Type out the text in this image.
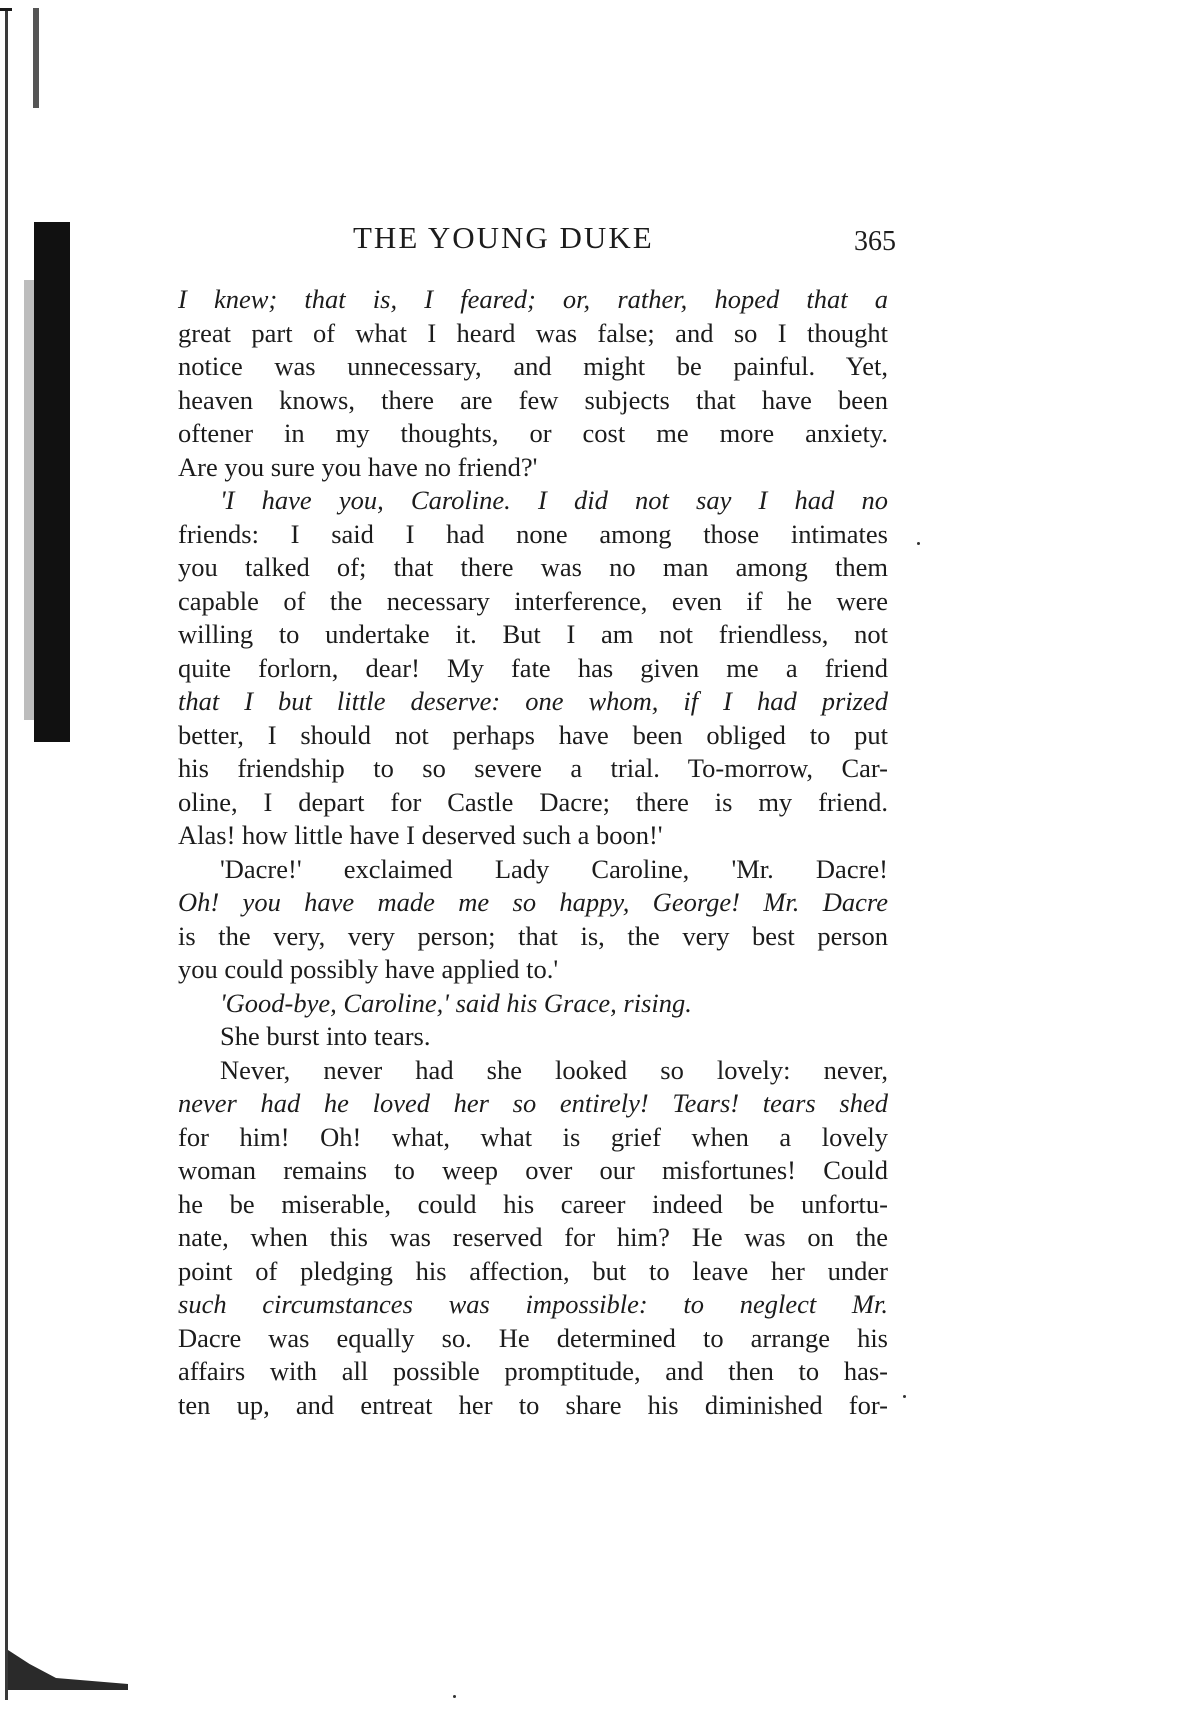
THE YOUNG DUKE	365
I knew; that is, I feared; or, rather, hoped that a
great part of what I heard was false; and so I thought
notice was unnecessary, and might be painful. Yet,
heaven knows, there are few subjects that have been
oftener in my thoughts, or cost me more anxiety.
Are you sure you have no friend?'
'I have you, Caroline. I did not say I had no
friends: I said I had none among those intimates
you talked of; that there was no man among them
capable of the necessary interference, even if he were
willing to undertake it. But I am not friendless, not
quite forlorn, dear! My fate has given me a friend
that I but little deserve: one whom, if I had prized
better, I should not perhaps have been obliged to put
his friendship to so severe a trial. To-morrow, Car-
oline, I depart for Castle Dacre; there is my friend.
Alas! how little have I deserved such a boon!'
'Dacre!' exclaimed Lady Caroline, 'Mr. Dacre!
Oh! you have made me so happy, George! Mr. Dacre
is the very, very person; that is, the very best person
you could possibly have applied to.'
'Good-bye, Caroline,' said his Grace, rising.
She burst into tears.
Never, never had she looked so lovely: never,
never had he loved her so entirely! Tears! tears shed
for him! Oh! what, what is grief when a lovely
woman remains to weep over our misfortunes! Could
he be miserable, could his career indeed be unfortu-
nate, when this was reserved for him? He was on the
point of pledging his affection, but to leave her under
such circumstances was impossible: to neglect Mr.
Dacre was equally so. He determined to arrange his
affairs with all possible promptitude, and then to has-
ten up, and entreat her to share his diminished for-
